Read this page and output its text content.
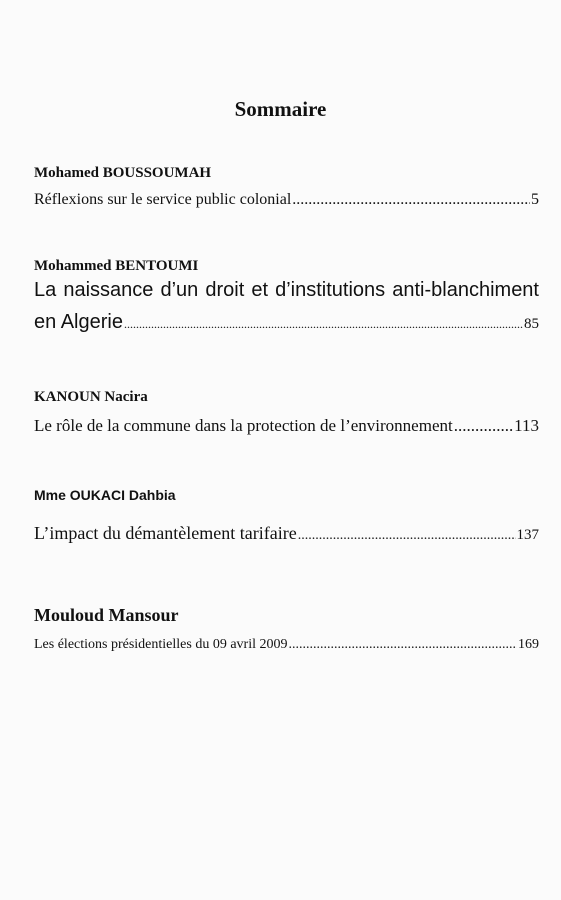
Sommaire
Mohamed BOUSSOUMAH
Réflexions sur le service public colonial .....	5
Mohammed BENTOUMI
La naissance d’un droit et d’institutions anti-blanchiment
en Algerie .....	85
KANOUN Nacira
Le rôle de la commune dans la protection de l’environnement .....	113
Mme OUKACI Dahbia
L’impact du démantèlement tarifaire .....	137
Mouloud Mansour
Les élections présidentielles du 09 avril 2009 .....	169
